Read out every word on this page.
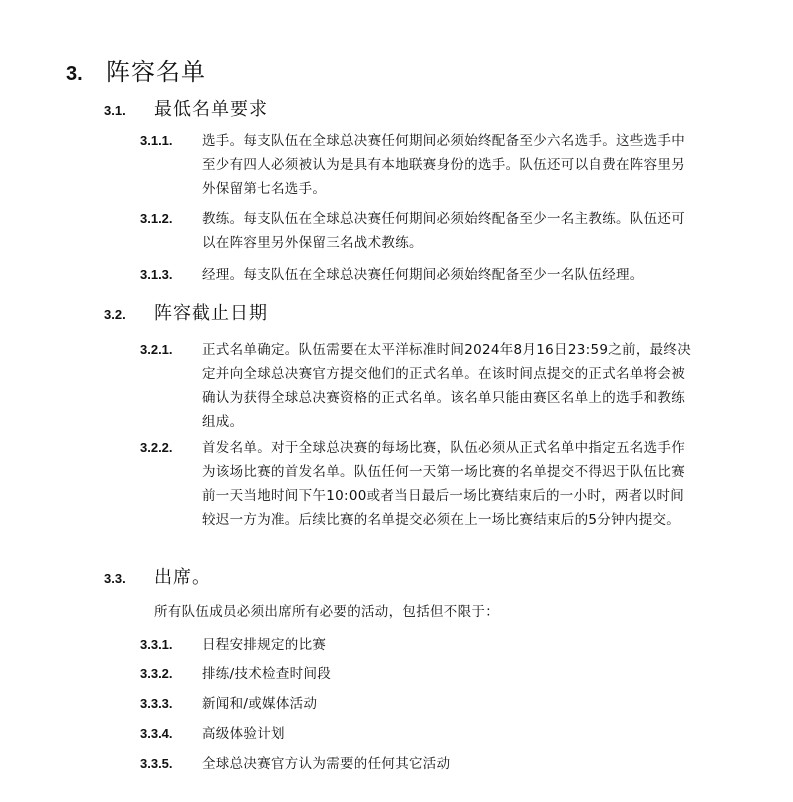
3. 阵容名单
3.1.	最低名单要求
3.1.1.	选手。每支队伍在全球总决赛任何期间必须始终配备至少六名选手。这些选手中至少有四人必须被认为是具有本地联赛身份的选手。队伍还可以自费在阵容里另外保留第七名选手。
3.1.2.	教练。每支队伍在全球总决赛任何期间必须始终配备至少一名主教练。队伍还可以在阵容里另外保留三名战术教练。
3.1.3.	经理。每支队伍在全球总决赛任何期间必须始终配备至少一名队伍经理。
3.2.	阵容截止日期
3.2.1.	正式名单确定。队伍需要在太平洋标准时间2024年8月16日23:59之前，最终决定并向全球总决赛官方提交他们的正式名单。在该时间点提交的正式名单将会被确认为获得全球总决赛资格的正式名单。该名单只能由赛区名单上的选手和教练组成。
3.2.2.	首发名单。对于全球总决赛的每场比赛，队伍必须从正式名单中指定五名选手作为该场比赛的首发名单。队伍任何一天第一场比赛的名单提交不得迟于队伍比赛前一天当地时间下午10:00或者当日最后一场比赛结束后的一小时，两者以时间较迟一方为准。后续比赛的名单提交必须在上一场比赛结束后的5分钟内提交。
3.3.	出席。
所有队伍成员必须出席所有必要的活动，包括但不限于：
3.3.1.	日程安排规定的比赛
3.3.2.	排练/技术检查时间段
3.3.3.	新闻和/或媒体活动
3.3.4.	高级体验计划
3.3.5.	全球总决赛官方认为需要的任何其它活动
